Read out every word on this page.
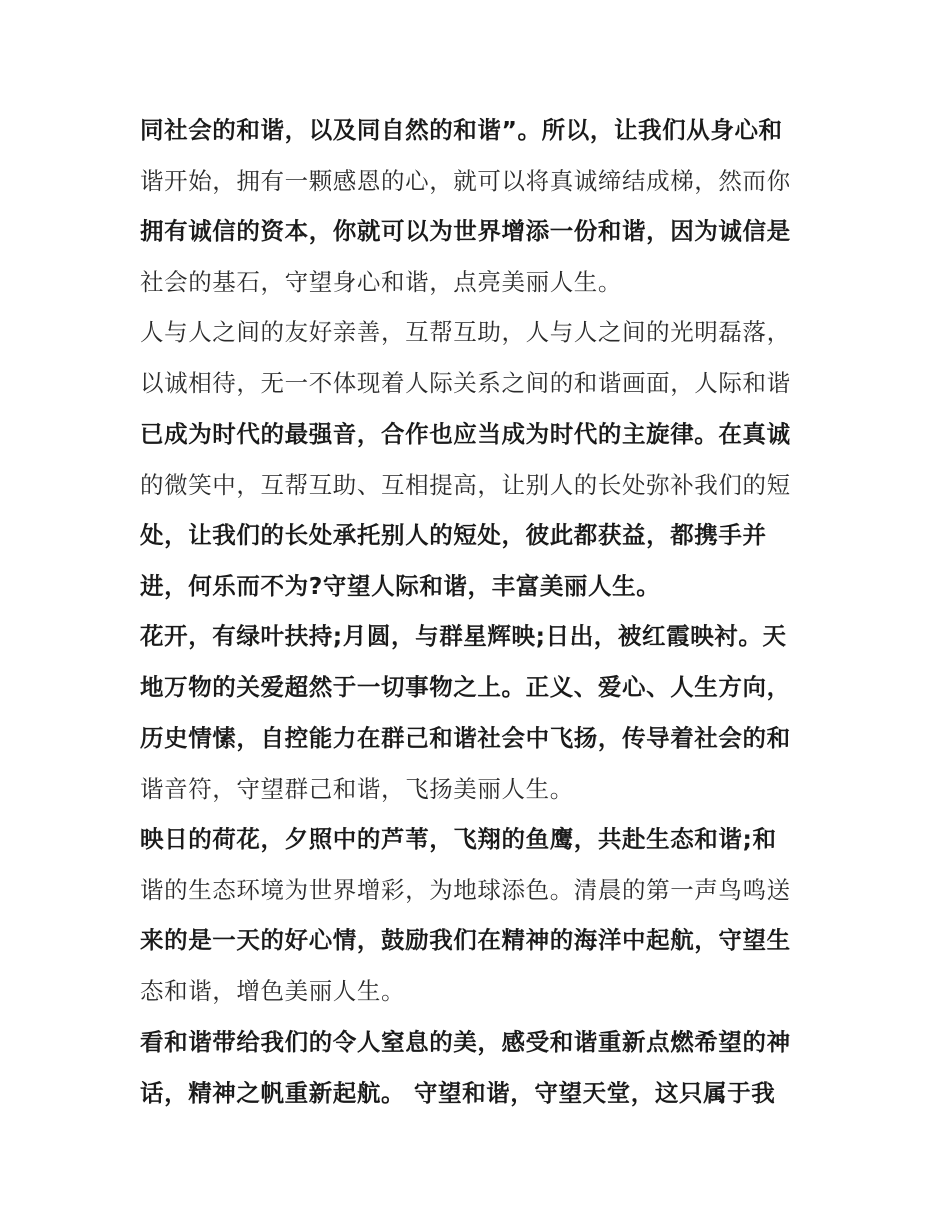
同社会的和谐，以及同自然的和谐”。所以，让我们从身心和
谐开始，拥有一颗感恩的心，就可以将真诚缔结成梯，然而你
拥有诚信的资本，你就可以为世界增添一份和谐，因为诚信是
社会的基石，守望身心和谐，点亮美丽人生。
人与人之间的友好亲善，互帮互助，人与人之间的光明磊落，
以诚相待，无一不体现着人际关系之间的和谐画面，人际和谐
已成为时代的最强音，合作也应当成为时代的主旋律。在真诚
的微笑中，互帮互助、互相提高，让别人的长处弥补我们的短
处，让我们的长处承托别人的短处，彼此都获益，都携手并
进，何乐而不为?守望人际和谐，丰富美丽人生。
花开，有绿叶扶持;月圆，与群星辉映;日出，被红霞映衬。天
地万物的关爱超然于一切事物之上。正义、爱心、人生方向，
历史情愫，自控能力在群己和谐社会中飞扬，传导着社会的和
谐音符，守望群己和谐，飞扬美丽人生。
映日的荷花，夕照中的芦苇，飞翔的鱼鹰，共赴生态和谐;和
谐的生态环境为世界增彩，为地球添色。清晨的第一声鸟鸣送
来的是一天的好心情，鼓励我们在精神的海洋中起航，守望生
态和谐，增色美丽人生。
看和谐带给我们的令人窒息的美，感受和谐重新点燃希望的神
话，精神之帆重新起航。 守望和谐，守望天堂，这只属于我
